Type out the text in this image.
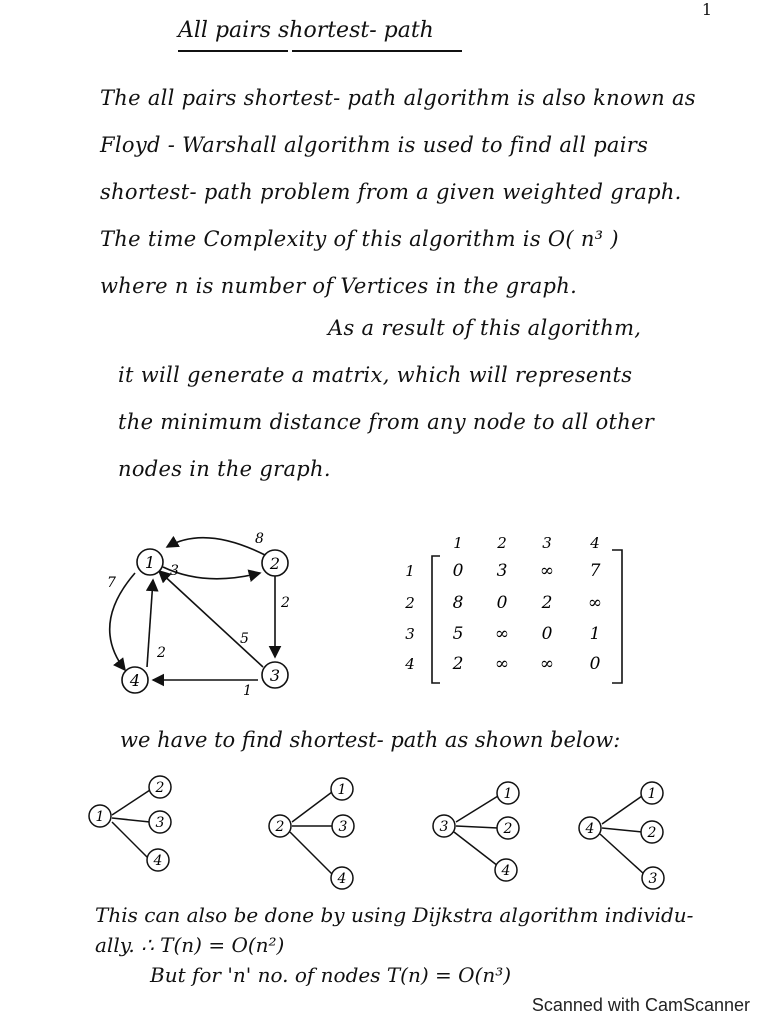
1
All pairs shortest- path
The all pairs shortest- path algorithm is also known as
Floyd - Warshall algorithm is used to find all pairs
shortest- path problem from a given weighted graph.
The time Complexity of this algorithm is O( n³ )
where n is number of Vertices in the graph.
As a result of this algorithm,
it will generate a matrix, which will represents
the minimum distance from any node to all other
nodes in the graph.
1	2
3
4
8
3
2
5
7
2
1
1 2 3	4
1
2
3
4
0 3 ∞ 7
8 0 2 ∞
5 ∞ 0 1
2 ∞ ∞ 0
we have to find shortest- path as shown below:
1
2
3
4
2
1
3
4
3
1
2
4
4
1
2
3
This can also be done by using Dijkstra algorithm individu-
ally. ∴ T(n) = O(n²)
But for 'n' no. of nodes T(n) = O(n³)
Scanned with CamScanner
